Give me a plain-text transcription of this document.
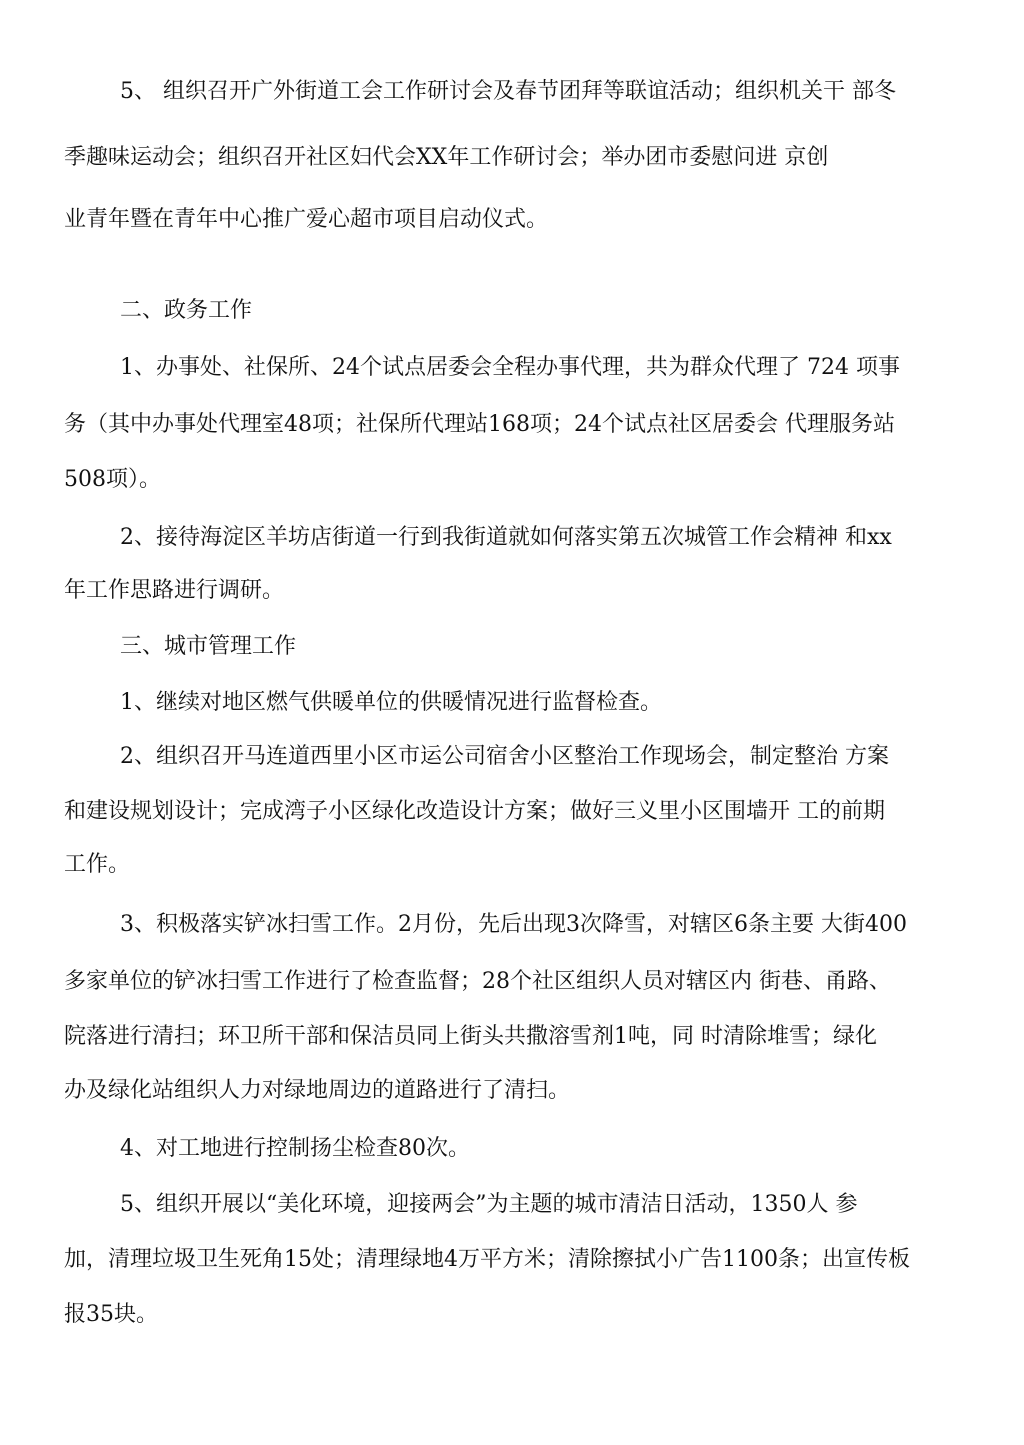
5、 组织召开广外街道工会工作研讨会及春节团拜等联谊活动；组织机关干 部冬
季趣味运动会；组织召开社区妇代会XX年工作研讨会；举办团市委慰问进 京创
业青年暨在青年中心推广爱心超市项目启动仪式。
二、政务工作
1、办事处、社保所、24个试点居委会全程办事代理，共为群众代理了 724 项事
务（其中办事处代理室48项；社保所代理站168项；24个试点社区居委会 代理服务站
508项）。
2、接待海淀区羊坊店街道一行到我街道就如何落实第五次城管工作会精神 和xx
年工作思路进行调研。
三、城市管理工作
1、继续对地区燃气供暖单位的供暖情况进行监督检查。
2、组织召开马连道西里小区市运公司宿舍小区整治工作现场会，制定整治 方案
和建设规划设计；完成湾子小区绿化改造设计方案；做好三义里小区围墙开 工的前期
工作。
3、积极落实铲冰扫雪工作。2月份，先后出现3次降雪，对辖区6条主要 大街400
多家单位的铲冰扫雪工作进行了检查监督；28个社区组织人员对辖区内 街巷、甬路、
院落进行清扫；环卫所干部和保洁员同上街头共撒溶雪剂1吨，同 时清除堆雪；绿化
办及绿化站组织人力对绿地周边的道路进行了清扫。
4、对工地进行控制扬尘检查80次。
5、组织开展以“美化环境，迎接两会”为主题的城市清洁日活动，1350人 参
加，清理垃圾卫生死角15处；清理绿地4万平方米；清除擦拭小广告1100条；出宣传板
报35块。
